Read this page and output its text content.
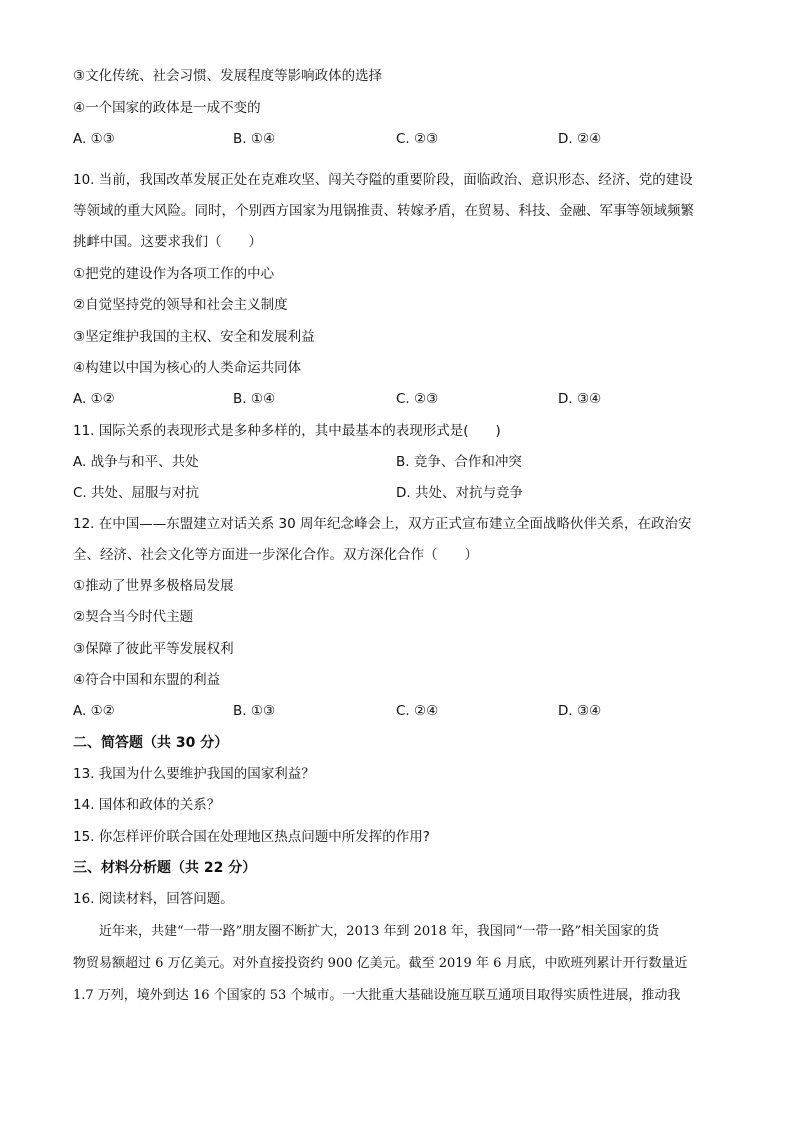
③文化传统、社会习惯、发展程度等影响政体的选择
④一个国家的政体是一成不变的
A. ①③	B. ①④	C. ②③	D. ②④
10. 当前，我国改革发展正处在克难攻坚、闯关夺隘的重要阶段，面临政治、意识形态、经济、党的建设
等领域的重大风险。同时，个别西方国家为甩锅推责、转嫁矛盾，在贸易、科技、金融、军事等领域频繁
挑衅中国。这要求我们（　　）
①把党的建设作为各项工作的中心
②自觉坚持党的领导和社会主义制度
③坚定维护我国的主权、安全和发展利益
④构建以中国为核心的人类命运共同体
A. ①②	B. ①④	C. ②③	D. ③④
11. 国际关系的表现形式是多种多样的，其中最基本的表现形式是(　　)
A. 战争与和平、共处	B. 竞争、合作和冲突
C. 共处、屈服与对抗	D. 共处、对抗与竞争
12. 在中国——东盟建立对话关系 30 周年纪念峰会上，双方正式宣布建立全面战略伙伴关系，在政治安
全、经济、社会文化等方面进一步深化合作。双方深化合作（　　）
①推动了世界多极格局发展
②契合当今时代主题
③保障了彼此平等发展权利
④符合中国和东盟的利益
A. ①②	B. ①③	C. ②④	D. ③④
二、简答题（共 30 分）
13. 我国为什么要维护我国的国家利益？
14. 国体和政体的关系？
15. 你怎样评价联合国在处理地区热点问题中所发挥的作用?
三、材料分析题（共 22 分）
16. 阅读材料，回答问题。
　　近年来，共建“一带一路”朋友圈不断扩大，2013 年到 2018 年，我国同“一带一路”相关国家的货
物贸易额超过 6 万亿美元。对外直接投资约 900 亿美元。截至 2019 年 6 月底，中欧班列累计开行数量近
1.7 万列，境外到达 16 个国家的 53 个城市。一大批重大基础设施互联互通项目取得实质性进展，推动我
